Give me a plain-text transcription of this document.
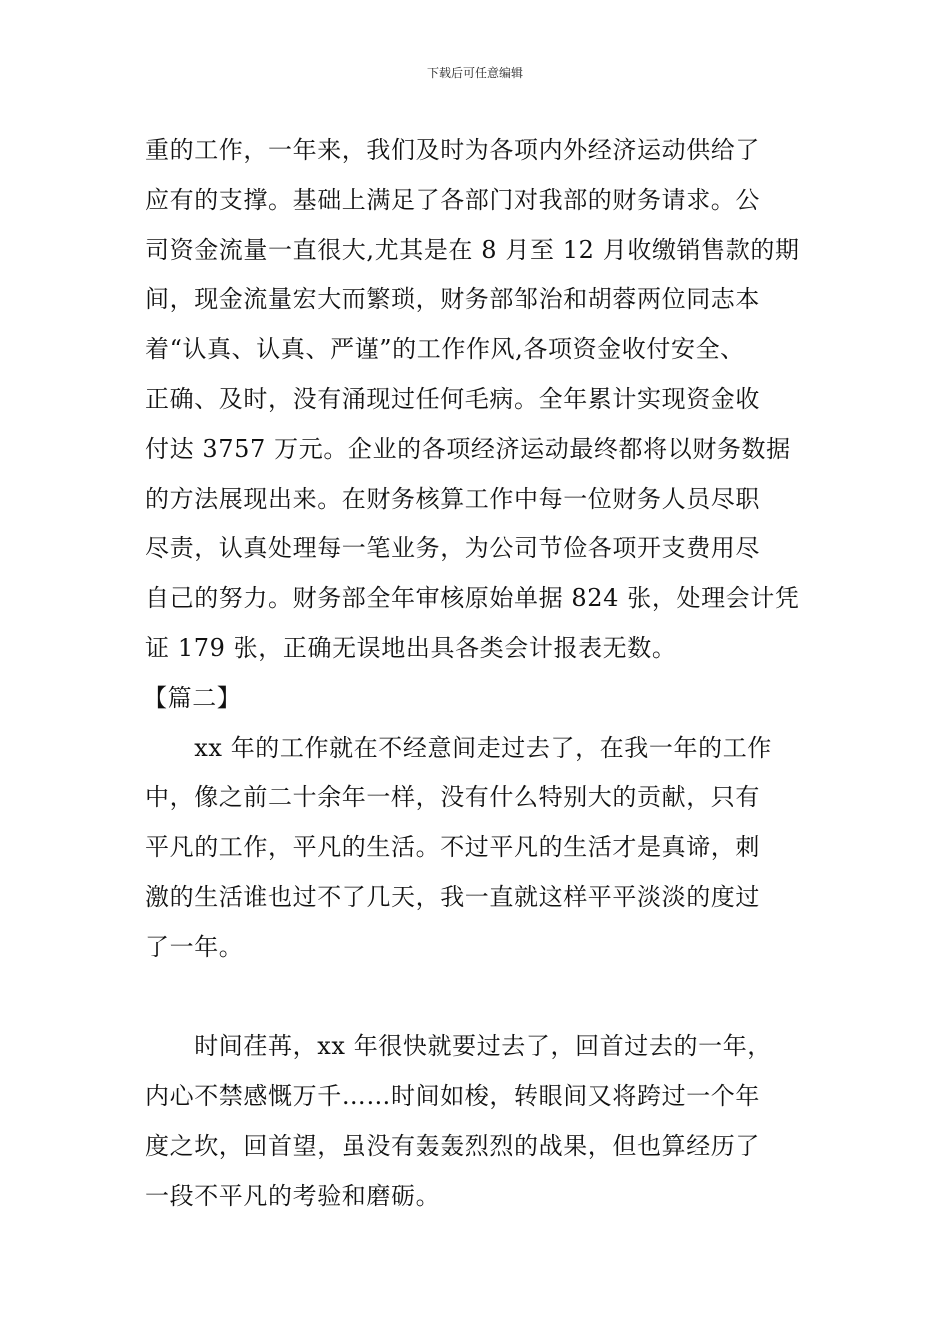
下载后可任意编辑
重的工作，一年来，我们及时为各项内外经济运动供给了
应有的支撑。基础上满足了各部门对我部的财务请求。公
司资金流量一直很大,尤其是在 8 月至 12 月收缴销售款的期
间，现金流量宏大而繁琐，财务部邹治和胡蓉两位同志本
着“认真、认真、严谨”的工作作风,各项资金收付安全、
正确、及时，没有涌现过任何毛病。全年累计实现资金收
付达 3757 万元。企业的各项经济运动最终都将以财务数据
的方法展现出来。在财务核算工作中每一位财务人员尽职
尽责，认真处理每一笔业务，为公司节俭各项开支费用尽
自己的努力。财务部全年审核原始单据 824 张，处理会计凭
证 179 张，正确无误地出具各类会计报表无数。
【篇二】
　　xx 年的工作就在不经意间走过去了，在我一年的工作
中，像之前二十余年一样，没有什么特别大的贡献，只有
平凡的工作，平凡的生活。不过平凡的生活才是真谛，刺
激的生活谁也过不了几天，我一直就这样平平淡淡的度过
了一年。
　　时间荏苒，xx 年很快就要过去了，回首过去的一年，
内心不禁感慨万千……时间如梭，转眼间又将跨过一个年
度之坎，回首望，虽没有轰轰烈烈的战果，但也算经历了
一段不平凡的考验和磨砺。
